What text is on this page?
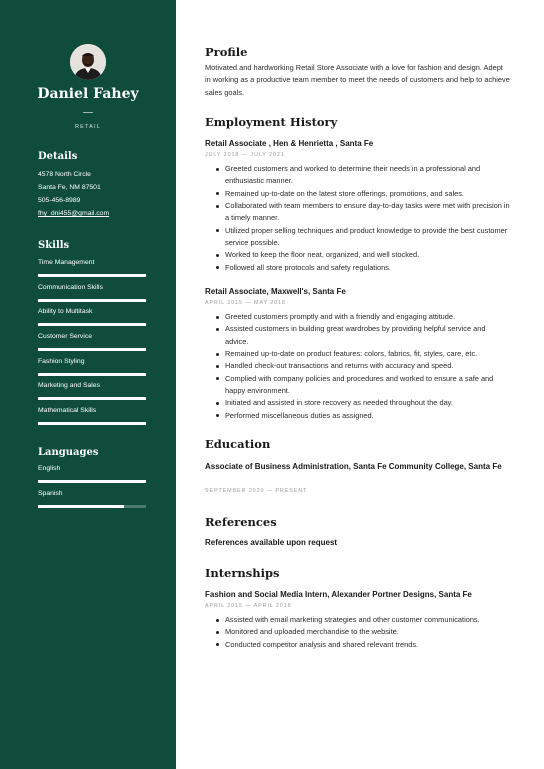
Daniel Fahey
RETAIL
Details
4578 North Circle
Santa Fe, NM 87501
505-456-8989
fhy_dni455@gmail.com
Skills
Time Management
Communication Skills
Ability to Multitask
Customer Service
Fashion Styling
Marketing and Sales
Mathematical Skills
Languages
English
Spanish
Profile
Motivated and hardworking Retail Store Associate with a love for fashion and design. Adept in working as a productive team member to meet the needs of customers and help to achieve sales goals.
Employment History
Retail Associate , Hen & Henrietta , Santa Fe
JULY 2018 — JULY 2021
Greeted customers and worked to determine their needs in a professional and enthusiastic manner.
Remained up-to-date on the latest store offerings, promotions, and sales.
Collaborated with team members to ensure day-to-day tasks were met with precision in a timely manner.
Utilized proper selling techniques and product knowledge to provide the best customer service possible.
Worked to keep the floor neat, organized, and well stocked.
Followed all store protocols and safety regulations.
Retail Associate, Maxwell's, Santa Fe
APRIL 2015 — MAY 2018
Greeted customers promptly and with a friendly and engaging attitude.
Assisted customers in building great wardrobes by providing helpful service and advice.
Remained up-to-date on product features: colors, fabrics, fit, styles, care, etc.
Handled check-out transactions and returns with accuracy and speed.
Complied with company policies and procedures and worked to ensure a safe and happy environment.
Initiated and assisted in store recovery as needed throughout the day.
Performed miscellaneous duties as assigned.
Education
Associate of Business Administration, Santa Fe Community College, Santa Fe
SEPTEMBER 2020 — PRESENT
References
References available upon request
Internships
Fashion and Social Media Intern, Alexander Portner Designs, Santa Fe
APRIL 2015 — APRIL 2016
Assisted with email marketing strategies and other customer communications.
Monitored and uploaded merchandise to the website.
Conducted competitor analysis and shared relevant trends.
